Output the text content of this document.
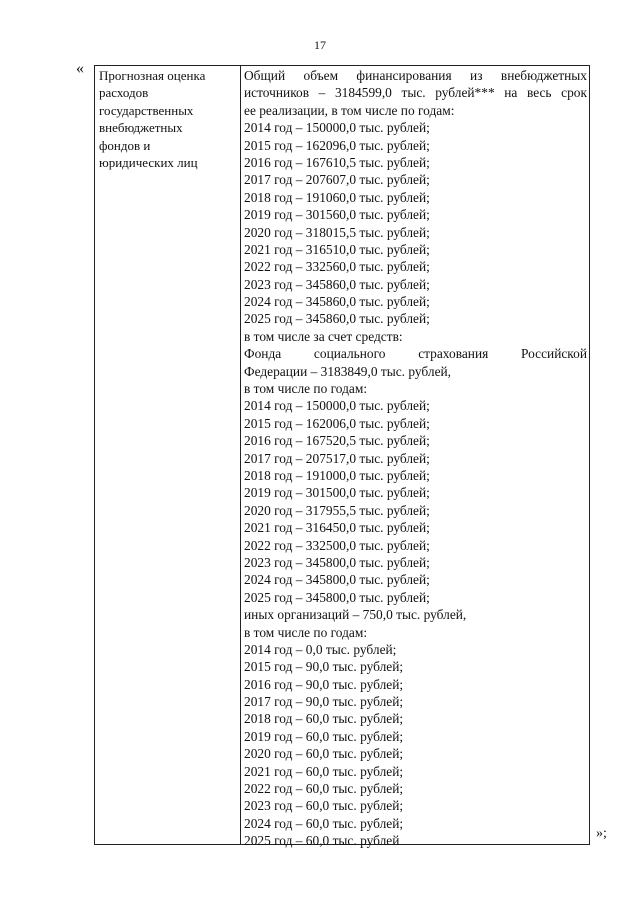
17
« Прогнозная оценка
расходов
государственных
внебюджетных
фондов и
юридических лиц
Общий объем финансирования из внебюджетных
источников – 3184599,0 тыс. рублей*** на весь срок
ее реализации, в том числе по годам:
2014 год – 150000,0 тыс. рублей;
2015 год – 162096,0 тыс. рублей;
2016 год – 167610,5 тыс. рублей;
2017 год – 207607,0 тыс. рублей;
2018 год – 191060,0 тыс. рублей;
2019 год – 301560,0 тыс. рублей;
2020 год – 318015,5 тыс. рублей;
2021 год – 316510,0 тыс. рублей;
2022 год – 332560,0 тыс. рублей;
2023 год – 345860,0 тыс. рублей;
2024 год – 345860,0 тыс. рублей;
2025 год – 345860,0 тыс. рублей;
в том числе за счет средств:
Фонда социального страхования Российской
Федерации – 3183849,0 тыс. рублей,
в том числе по годам:
2014 год – 150000,0 тыс. рублей;
2015 год – 162006,0 тыс. рублей;
2016 год – 167520,5 тыс. рублей;
2017 год – 207517,0 тыс. рублей;
2018 год – 191000,0 тыс. рублей;
2019 год – 301500,0 тыс. рублей;
2020 год – 317955,5 тыс. рублей;
2021 год – 316450,0 тыс. рублей;
2022 год – 332500,0 тыс. рублей;
2023 год – 345800,0 тыс. рублей;
2024 год – 345800,0 тыс. рублей;
2025 год – 345800,0 тыс. рублей;
иных организаций – 750,0 тыс. рублей,
в том числе по годам:
2014 год – 0,0 тыс. рублей;
2015 год – 90,0 тыс. рублей;
2016 год – 90,0 тыс. рублей;
2017 год – 90,0 тыс. рублей;
2018 год – 60,0 тыс. рублей;
2019 год – 60,0 тыс. рублей;
2020 год – 60,0 тыс. рублей;
2021 год – 60,0 тыс. рублей;
2022 год – 60,0 тыс. рублей;
2023 год – 60,0 тыс. рублей;
2024 год – 60,0 тыс. рублей;
2025 год – 60,0 тыс. рублей	»;
